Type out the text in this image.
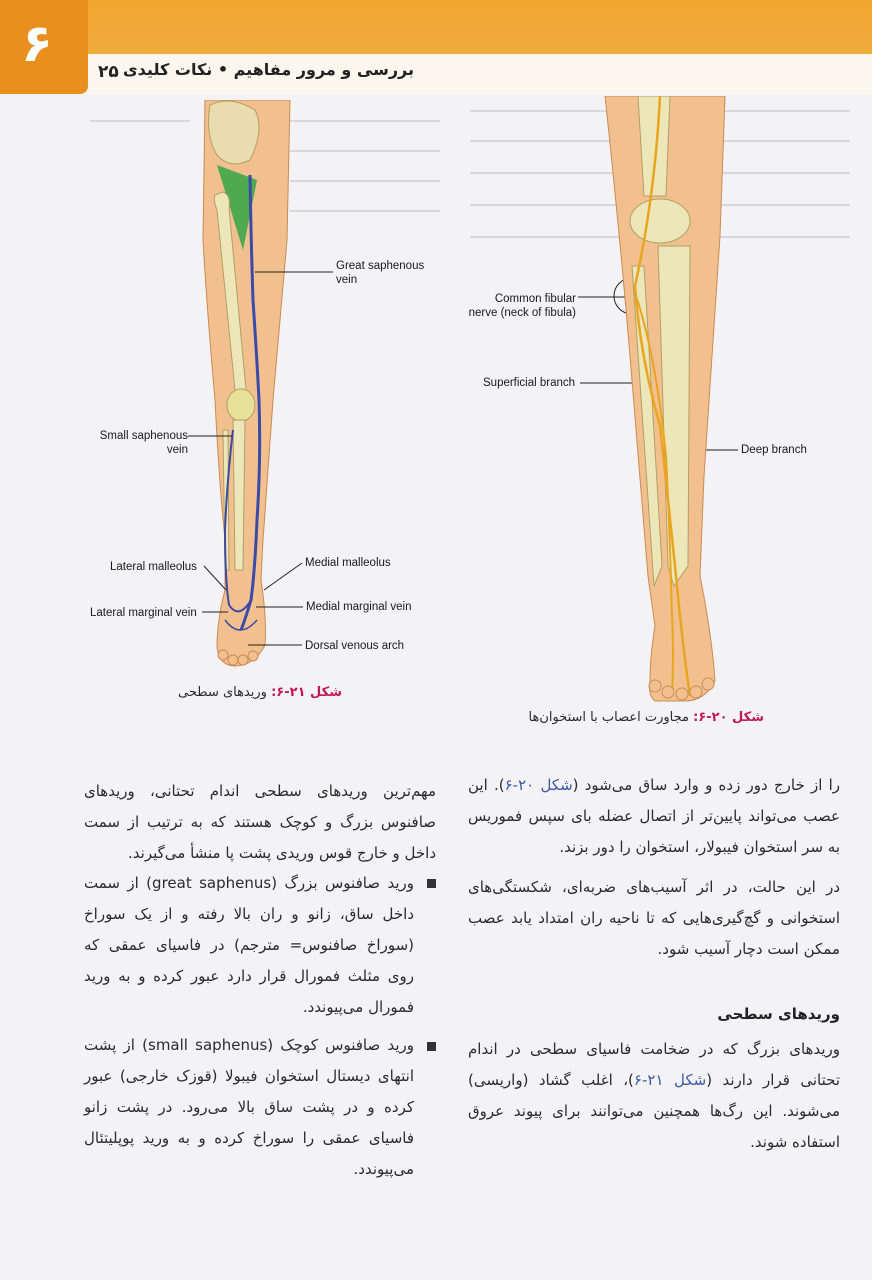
۶	۲۵ بررسی و مرور مفاهیم • نکات کلیدی
Great saphenous
vein
Small saphenous
vein
Lateral malleolus	Medial malleolus
Lateral marginal vein	Medial marginal vein
Dorsal venous arch
شکل ۲۱-۶: وریدهای سطحی
Common fibular
nerve (neck of fibula)
Superficial branch
Deep branch
شکل ۲۰-۶: مجاورت اعصاب با استخوان‌ها
را از خارج دور زده و وارد ساق می‌شود (شکل ۲۰-۶). این عصب می‌تواند پایین‌تر از اتصال عضله بای سپس فموریس به سر استخوان فیبولار، استخوان را دور بزند.
در این حالت، در اثر آسیب‌های ضربه‌ای، شکستگی‌های استخوانی و گچ‌گیری‌هایی که تا ناحیه ران امتداد یابد عصب ممکن است دچار آسیب شود.
وریدهای سطحی
وریدهای بزرگ که در ضخامت فاسیای سطحی در اندام تحتانی قرار دارند (شکل ۲۱-۶)، اغلب گشاد (واریسی) می‌شوند. این رگ‌ها همچنین می‌توانند برای پیوند عروق استفاده شوند.
مهم‌ترین وریدهای سطحی اندام تحتانی، وریدهای صافنوس بزرگ و کوچک هستند که به ترتیب از سمت داخل و خارج قوس وریدی پشت پا منشأ می‌گیرند.
ورید صافنوس بزرگ (great saphenus) از سمت داخل ساق، زانو و ران بالا رفته و از یک سوراخ (سوراخ صافنوس= مترجم) در فاسیای عمقی که روی مثلث فمورال قرار دارد عبور کرده و به ورید فمورال می‌پیوندد.
ورید صافنوس کوچک (small saphenus) از پشت انتهای دیستال استخوان فیبولا (قوزک خارجی) عبور کرده و در پشت ساق بالا می‌رود. در پشت زانو فاسیای عمقی را سوراخ کرده و به ورید پوپلیتئال می‌پیوندد.
